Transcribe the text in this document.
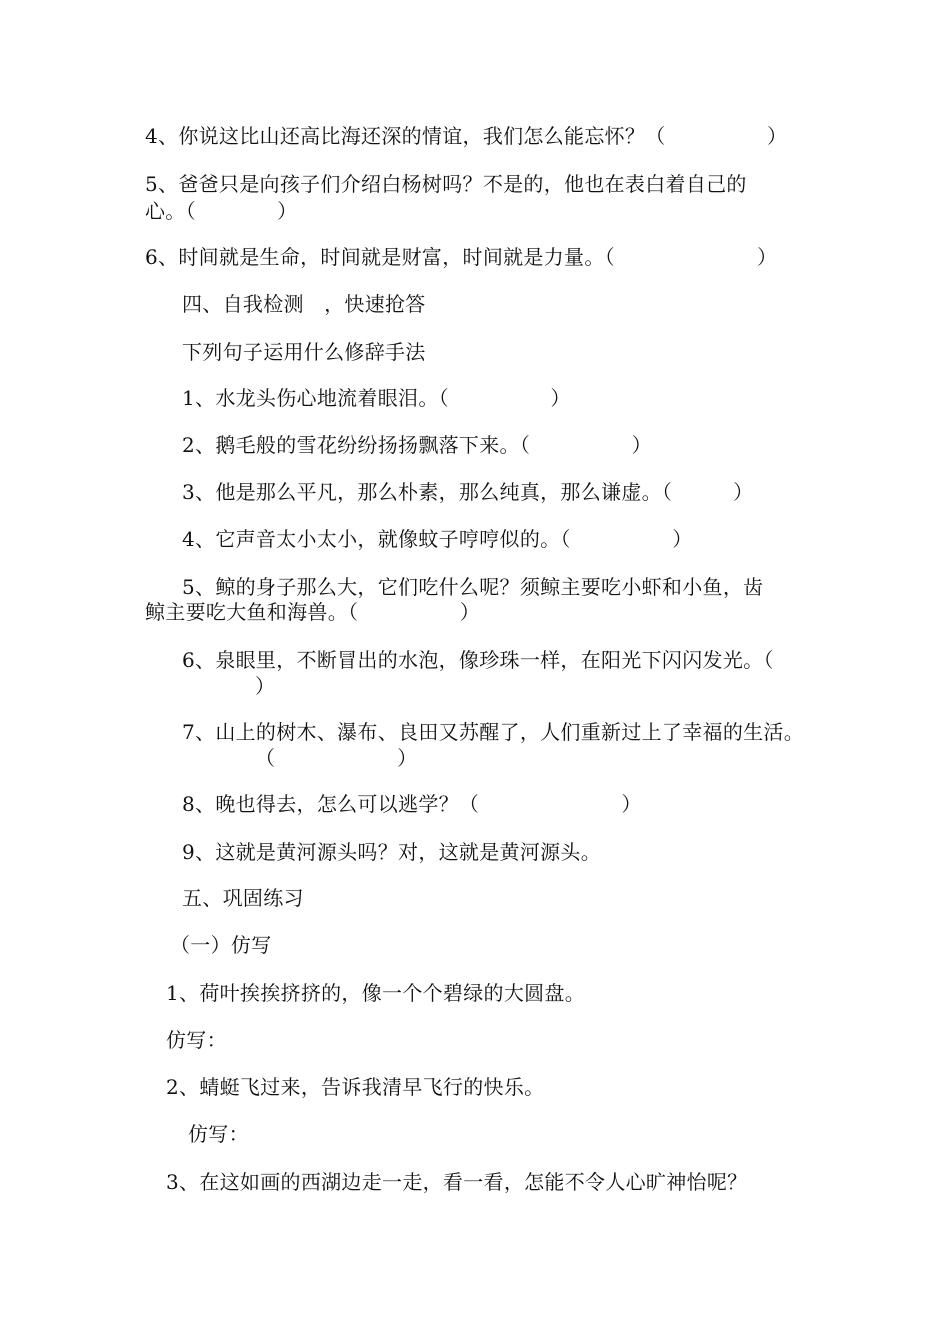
4、你说这比山还高比海还深的情谊，我们怎么能忘怀？（　　　　　）

5、爸爸只是向孩子们介绍白杨树吗？不是的，他也在表白着自己的

心。（　　　　）

6、时间就是生命，时间就是财富，时间就是力量。（　　　　　　　）

四、自我检测　，快速抢答

下列句子运用什么修辞手法

1、水龙头伤心地流着眼泪。（　　　　　）

2、鹅毛般的雪花纷纷扬扬飘落下来。（　　　　　）

3、他是那么平凡，那么朴素，那么纯真，那么谦虚。（　　　）

4、它声音太小太小，就像蚊子哼哼似的。（　　　　　）

5、鲸的身子那么大，它们吃什么呢？须鲸主要吃小虾和小鱼，齿

鲸主要吃大鱼和海兽。（　　　　　）

6、泉眼里，不断冒出的水泡，像珍珠一样，在阳光下闪闪发光。（

）

7、山上的树木、瀑布、良田又苏醒了，人们重新过上了幸福的生活。

（　　　　　　）

8、晚也得去，怎么可以逃学？（　　　　　　　）

9、这就是黄河源头吗？对，这就是黄河源头。

五、巩固练习

（一）仿写

1、荷叶挨挨挤挤的，像一个个碧绿的大圆盘。

仿写：

2、蜻蜓飞过来，告诉我清早飞行的快乐。

仿写：

3、在这如画的西湖边走一走，看一看，怎能不令人心旷神怡呢？
